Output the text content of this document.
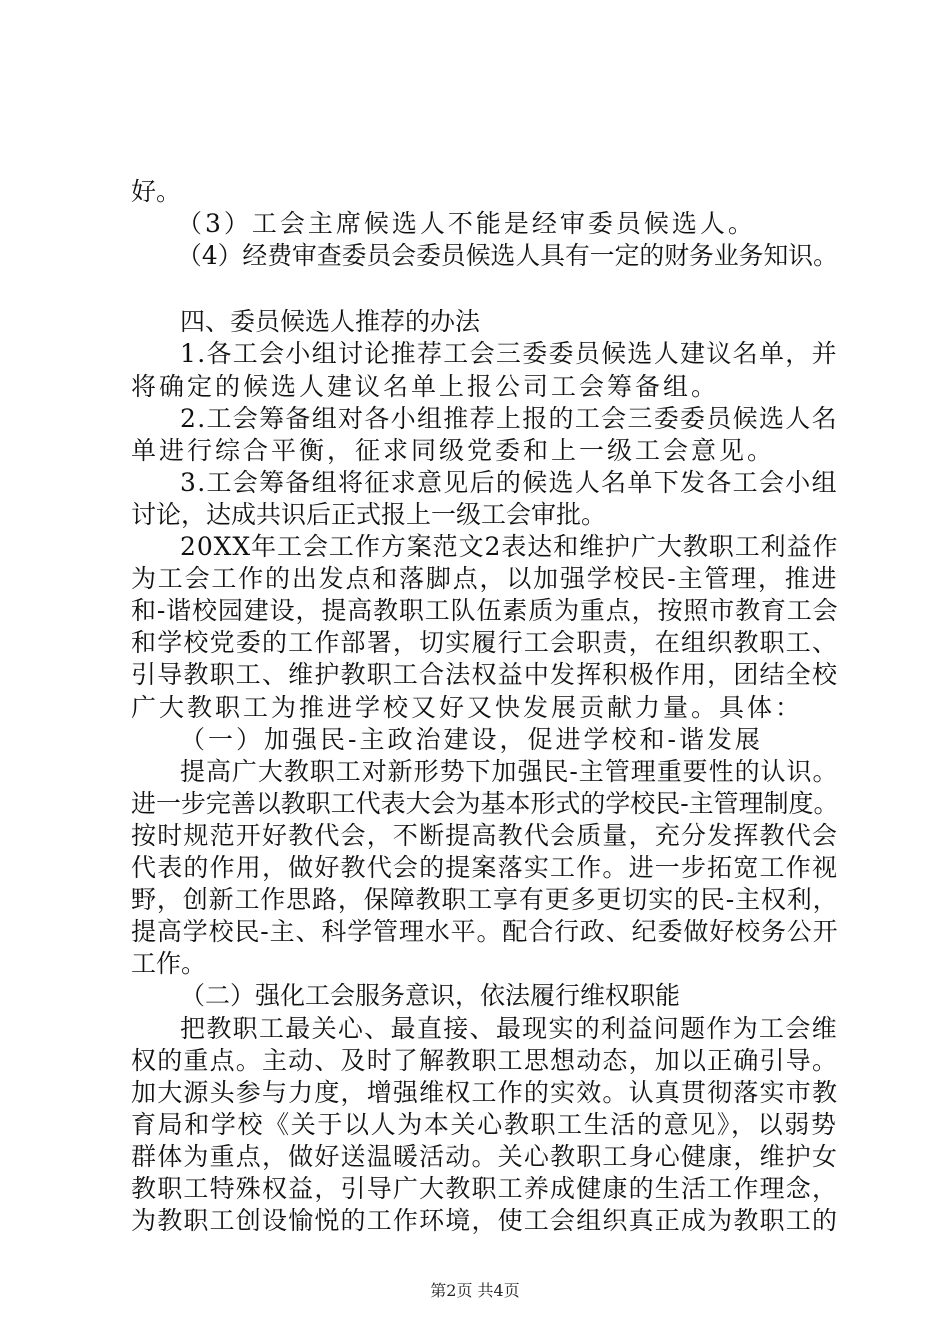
好。
（3）工会主席候选人不能是经审委员候选人。
（4）经费审查委员会委员候选人具有一定的财务业务知识。
四、委员候选人推荐的办法
1.各工会小组讨论推荐工会三委委员候选人建议名单，并
将确定的候选人建议名单上报公司工会筹备组。
2.工会筹备组对各小组推荐上报的工会三委委员候选人名
单进行综合平衡，征求同级党委和上一级工会意见。
3.工会筹备组将征求意见后的候选人名单下发各工会小组
讨论，达成共识后正式报上一级工会审批。
20XX年工会工作方案范文2表达和维护广大教职工利益作
为工会工作的出发点和落脚点，以加强学校民-主管理，推进
和-谐校园建设，提高教职工队伍素质为重点，按照市教育工会
和学校党委的工作部署，切实履行工会职责，在组织教职工、
引导教职工、维护教职工合法权益中发挥积极作用，团结全校
广大教职工为推进学校又好又快发展贡献力量。具体：
（一）加强民-主政治建设，促进学校和-谐发展
提高广大教职工对新形势下加强民-主管理重要性的认识。
进一步完善以教职工代表大会为基本形式的学校民-主管理制度。
按时规范开好教代会，不断提高教代会质量，充分发挥教代会
代表的作用，做好教代会的提案落实工作。进一步拓宽工作视
野，创新工作思路，保障教职工享有更多更切实的民-主权利，
提高学校民-主、科学管理水平。配合行政、纪委做好校务公开
工作。
（二）强化工会服务意识，依法履行维权职能
把教职工最关心、最直接、最现实的利益问题作为工会维
权的重点。主动、及时了解教职工思想动态，加以正确引导。
加大源头参与力度，增强维权工作的实效。认真贯彻落实市教
育局和学校《关于以人为本关心教职工生活的意见》，以弱势
群体为重点，做好送温暖活动。关心教职工身心健康，维护女
教职工特殊权益，引导广大教职工养成健康的生活工作理念，
为教职工创设愉悦的工作环境，使工会组织真正成为教职工的
第2页 共4页
